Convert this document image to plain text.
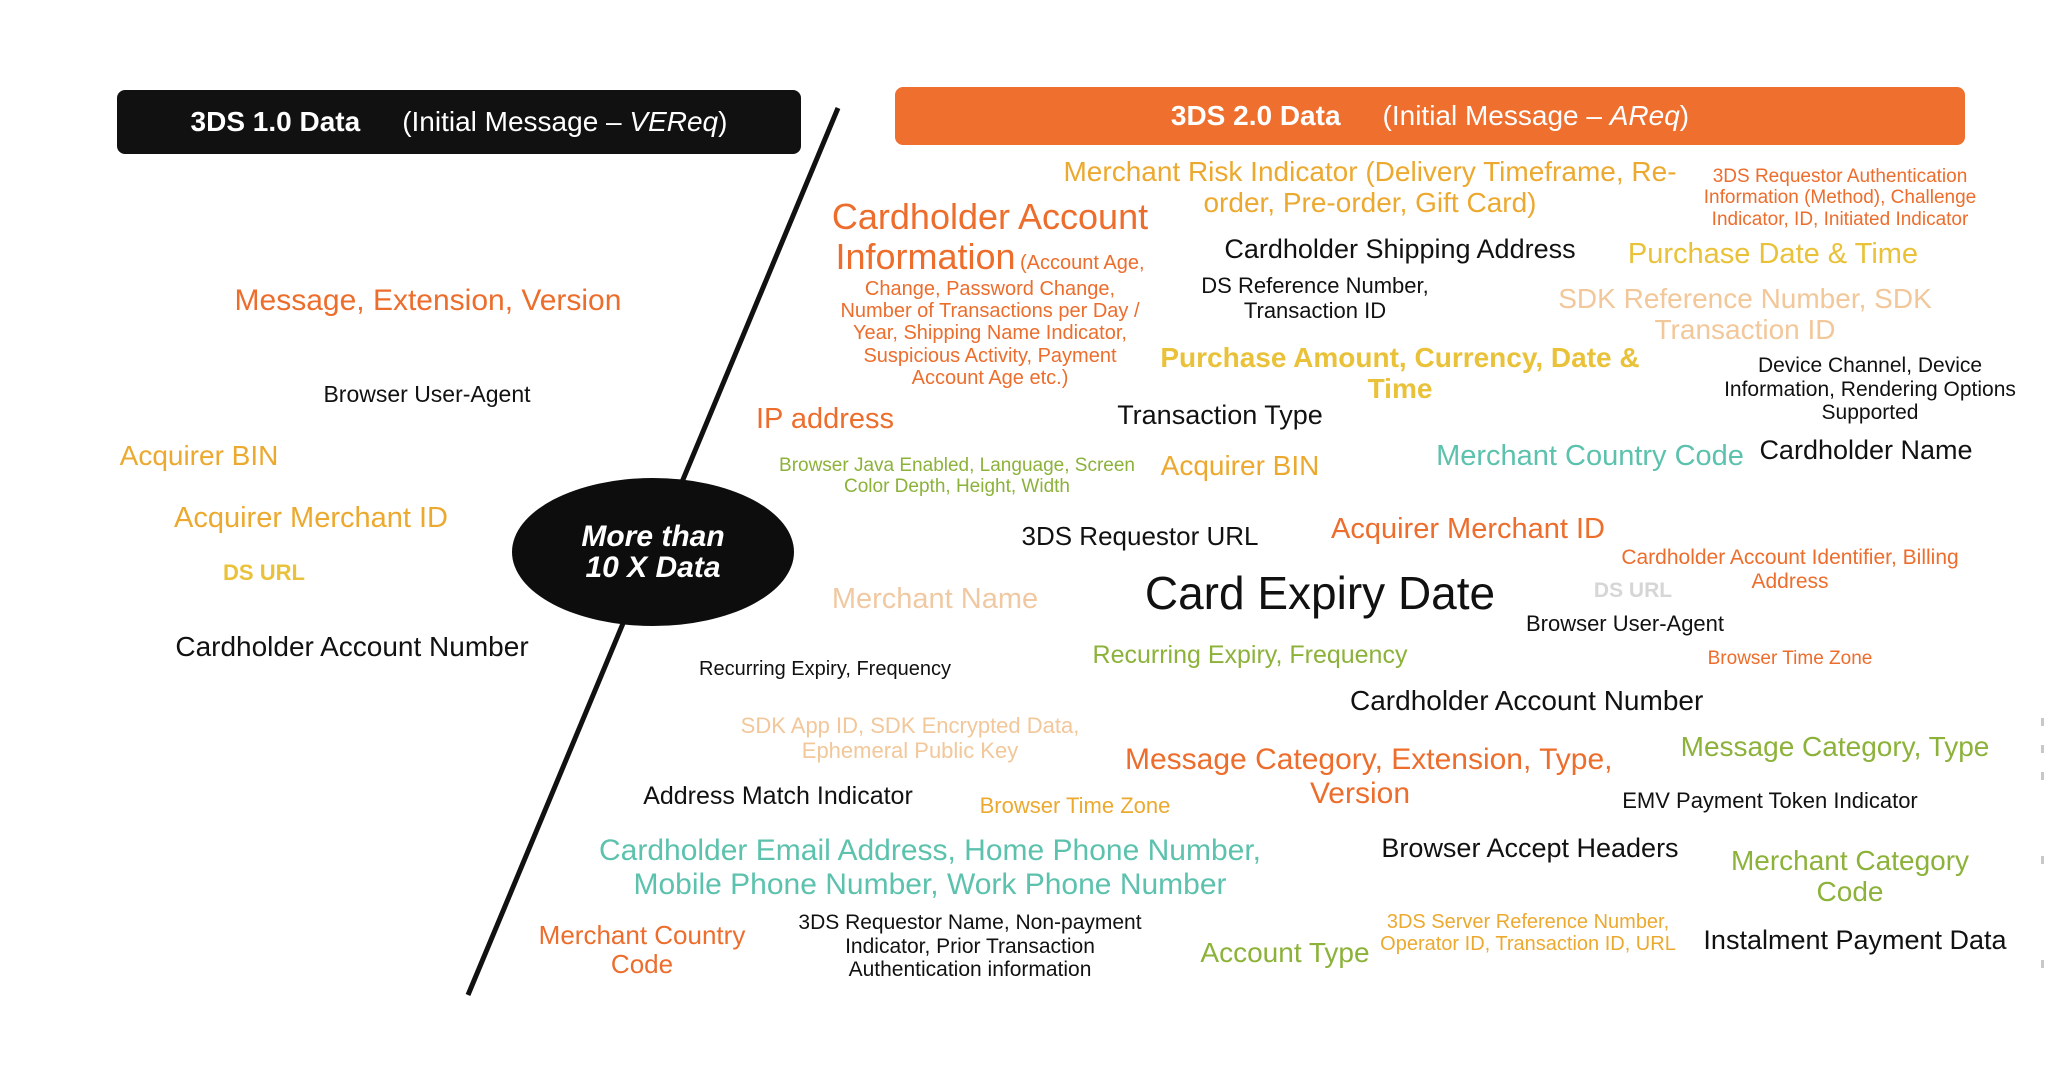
3DS 1.0 Data (Initial Message – VEReq)	3DS 2.0 Data (Initial Message – AReq)
More than
10 X Data
Message, Extension, Version
Browser User-Agent
Acquirer BIN
Acquirer Merchant ID
DS URL
Cardholder Account Number
Merchant Risk Indicator (Delivery Timeframe, Re-
order, Pre-order, Gift Card)
3DS Requestor Authentication
Information (Method), Challenge
Indicator, ID, Initiated Indicator
Cardholder Account
Information (Account Age,
Change, Password Change,
Number of Transactions per Day /
Year, Shipping Name Indicator,
Suspicious Activity, Payment
Account Age etc.)
Cardholder Shipping Address	Purchase Date & Time
DS Reference Number,
Transaction ID	SDK Reference Number, SDK
Transaction ID
Purchase Amount, Currency, Date &
Time
Device Channel, Device
Information, Rendering Options
Supported
IP address	Transaction Type
Merchant Country Code Cardholder Name
Browser Java Enabled, Language, Screen
Color Depth, Height, Width
Acquirer BIN
3DS Requestor URL	Acquirer Merchant ID
Cardholder Account Identifier, Billing
Address
Merchant Name	Card Expiry Date	DS URL
Browser User-Agent
Recurring Expiry, Frequency	Recurring Expiry, Frequency	Browser Time Zone
Cardholder Account Number
SDK App ID, SDK Encrypted Data,
Ephemeral Public Key	Message Category, Extension, Type,
Version
Message Category, Type
Address Match Indicator	Browser Time Zone	EMV Payment Token Indicator
Cardholder Email Address, Home Phone Number,
Mobile Phone Number, Work Phone Number
Browser Accept Headers	Merchant Category
Code
Merchant Country
Code
3DS Requestor Name, Non-payment
Indicator, Prior Transaction
Authentication information
Account Type
3DS Server Reference Number,
Operator ID, Transaction ID, URL	Instalment Payment Data
